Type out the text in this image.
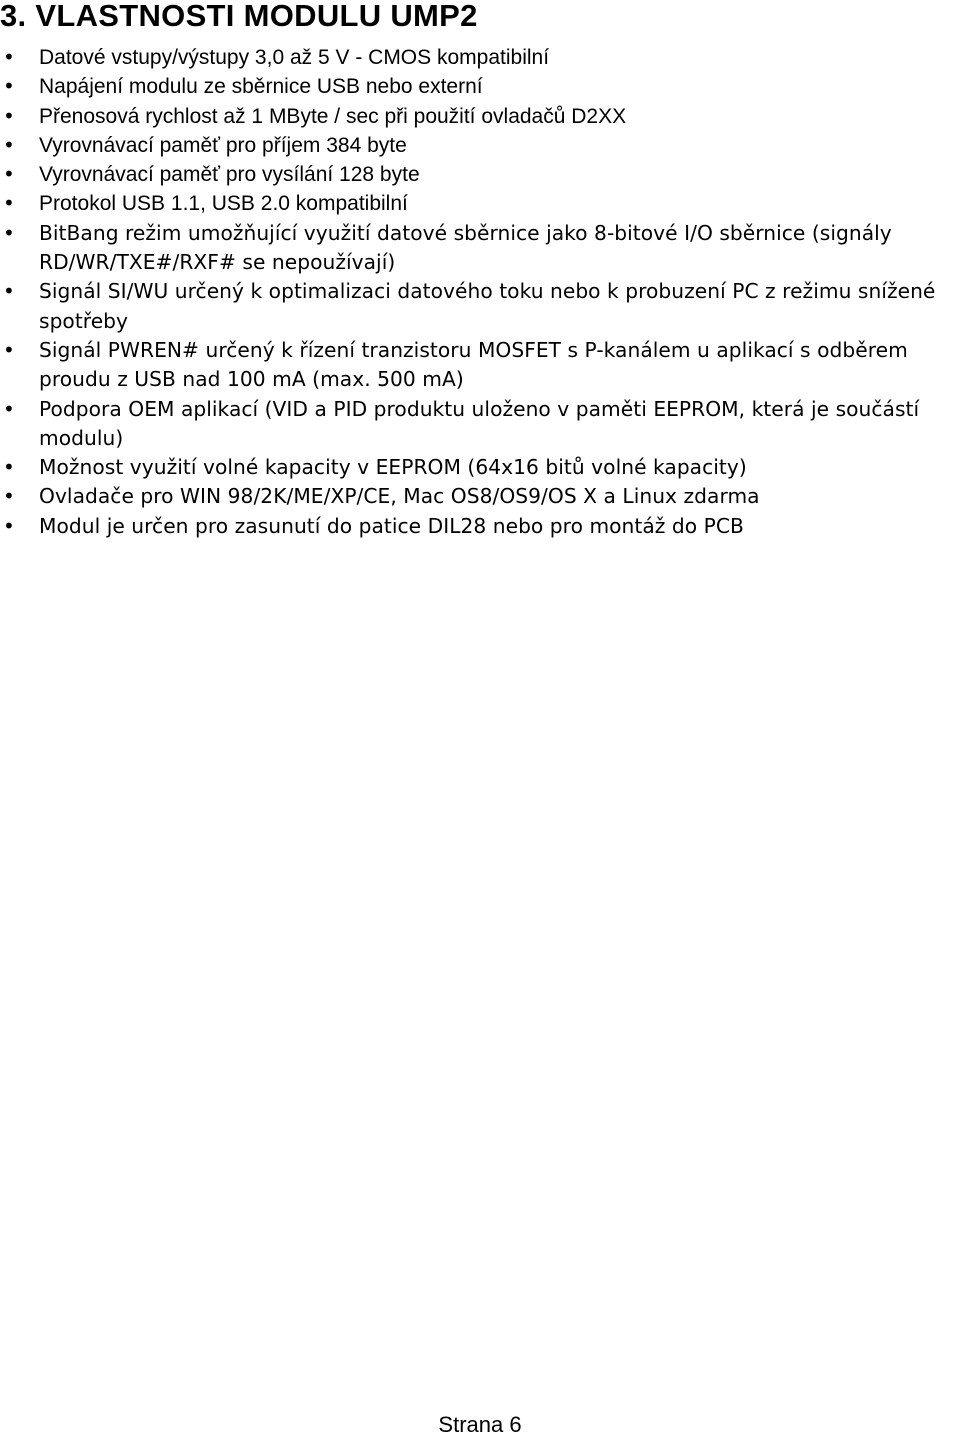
3. VLASTNOSTI MODULU UMP2
• Datové vstupy/výstupy 3,0 až 5 V - CMOS kompatibilní
• Napájení modulu ze sběrnice USB nebo externí
• Přenosová rychlost až 1 MByte / sec při použití ovladačů D2XX
• Vyrovnávací paměť pro příjem 384 byte
• Vyrovnávací paměť pro vysílání 128 byte
• Protokol USB 1.1, USB 2.0 kompatibilní
• BitBang režim umožňující využití datové sběrnice jako 8-bitové I/O sběrnice (signály RD/WR/TXE#/RXF# se nepoužívají)
• Signál SI/WU určený k optimalizaci datového toku nebo k probuzení PC z režimu snížené spotřeby
• Signál PWREN# určený k řízení tranzistoru MOSFET s P-kanálem u aplikací s odběrem proudu z USB nad 100 mA (max. 500 mA)
• Podpora OEM aplikací (VID a PID produktu uloženo v paměti EEPROM, která je součástí modulu)
• Možnost využití volné kapacity v EEPROM (64x16 bitů volné kapacity)
• Ovladače pro WIN 98/2K/ME/XP/CE, Mac OS8/OS9/OS X a Linux zdarma
• Modul je určen pro zasunutí do patice DIL28 nebo pro montáž do PCB
Strana 6
